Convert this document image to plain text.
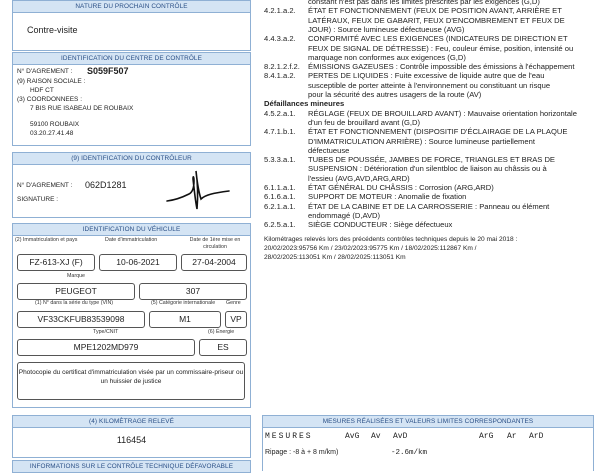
NATURE DU PROCHAIN CONTRÔLE
Contre-visite
IDENTIFICATION DU CENTRE DE CONTRÔLE
N° D'AGREMENT : S059F507
(9) RAISON SOCIALE :
HDF CT
(3) COORDONNEES :
7 BIS RUE ISABEAU DE ROUBAIX
59100 ROUBAIX
03.20.27.41.48
(9) IDENTIFICATION DU CONTRÔLEUR
N° D'AGREMENT : 062D1281
SIGNATURE :
IDENTIFICATION DU VÉHICULE
(2) Immatriculation et pays	Date d'immatriculation	Date de 1ère mise en circulation
FZ-613-XJ (F)	10-06-2021	27-04-2004
Marque
PEUGEOT	307
(1) N° dans la série du type (VIN)	(5) Catégorie internationale Genre
VF33CKFUB83539098	M1	VP
Type/CNIT	(6) Énergie
MPE1202MD979	ES
Photocopie du certificat d'immatriculation visée par un commissaire-priseur ou un huissier de justice
(4) KILOMÈTRAGE RELEVÉ
116454
INFORMATIONS SUR LE CONTRÔLE TECHNIQUE DÉFAVORABLE
constant n'est pas dans les limites prescrites par les exigences (G,D)
4.2.1.a.2. ÉTAT ET FONCTIONNEMENT (FEUX DE POSITION AVANT, ARRIÈRE ET
LATÉRAUX, FEUX DE GABARIT, FEUX D'ENCOMBREMENT ET FEUX DE
JOUR) : Source lumineuse défectueuse (AVG)
4.4.3.a.2. CONFORMITÉ AVEC LES EXIGENCES (INDICATEURS DE DIRECTION ET
FEUX DE SIGNAL DE DÉTRESSE) : Feu, couleur émise, position, intensité ou
marquage non conformes aux exigences (G,D)
8.2.1.2.f.2. ÉMISSIONS GAZEUSES : Contrôle impossible des émissions à l'échappement
8.4.1.a.2. PERTES DE LIQUIDES : Fuite excessive de liquide autre que de l'eau
susceptible de porter atteinte à l'environnement ou constituant un risque
pour la sécurité des autres usagers de la route (AV)
Défaillances mineures
4.5.2.a.1. RÉGLAGE (FEUX DE BROUILLARD AVANT) : Mauvaise orientation horizontale
d'un feu de brouillard avant (G,D)
4.7.1.b.1. ÉTAT ET FONCTIONNEMENT (DISPOSITIF D'ÉCLAIRAGE DE LA PLAQUE
D'IMMATRICULATION ARRIÈRE) : Source lumineuse partiellement
défectueuse
5.3.3.a.1. TUBES DE POUSSÉE, JAMBES DE FORCE, TRIANGLES ET BRAS DE
SUSPENSION : Détérioration d'un silentbloc de liaison au châssis ou à
l'essieu (AVG,AVD,ARG,ARD)
6.1.1.a.1. ÉTAT GÉNÉRAL DU CHÂSSIS : Corrosion (ARG,ARD)
6.1.6.a.1. SUPPORT DE MOTEUR : Anomalie de fixation
6.2.1.a.1. ÉTAT DE LA CABINE ET DE LA CARROSSERIE : Panneau ou élément
endommagé (D,AVD)
6.2.5.a.1. SIÈGE CONDUCTEUR : Siège défectueux
Kilométrages relevés lors des précédents contrôles techniques depuis le 20 mai 2018 :
20/02/2023:95756 Km / 23/02/2023:95775 Km / 18/02/2025:112867 Km /
28/02/2025:113051 Km / 28/02/2025:113051 Km
MESURES RÉALISÉES ET VALEURS LIMITES CORRESPONDANTES
MESURES	AvG Av AvD	ArG Ar ArD
Ripage : -8 à + 8 m/km)	-2.6m/km
